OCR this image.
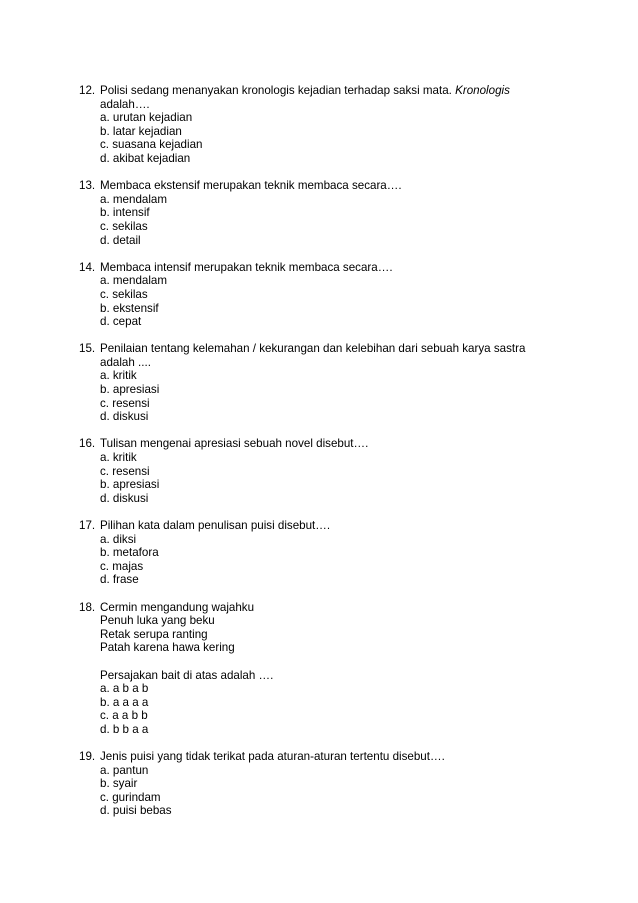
12. Polisi sedang menanyakan kronologis kejadian terhadap saksi mata. Kronologis
adalah….
a. urutan kejadian
b. latar kejadian
c. suasana kejadian
d. akibat kejadian
13. Membaca ekstensif merupakan teknik membaca secara….
a. mendalam
b. intensif
c. sekilas
d. detail
14. Membaca intensif merupakan teknik membaca secara….
a. mendalam
c. sekilas
b. ekstensif
d. cepat
15. Penilaian tentang kelemahan / kekurangan dan kelebihan dari sebuah karya sastra
adalah ....
a. kritik
b. apresiasi
c. resensi
d. diskusi
16. Tulisan mengenai apresiasi sebuah novel disebut….
a. kritik
c. resensi
b. apresiasi
d. diskusi
17. Pilihan kata dalam penulisan puisi disebut….
a. diksi
b. metafora
c. majas
d. frase
18. Cermin mengandung wajahku
Penuh luka yang beku
Retak serupa ranting
Patah karena hawa kering
Persajakan bait di atas adalah ….
a. a b a b
b. a a a a
c. a a b b
d. b b a a
19. Jenis puisi yang tidak terikat pada aturan-aturan tertentu disebut….
a. pantun
b. syair
c. gurindam
d. puisi bebas
